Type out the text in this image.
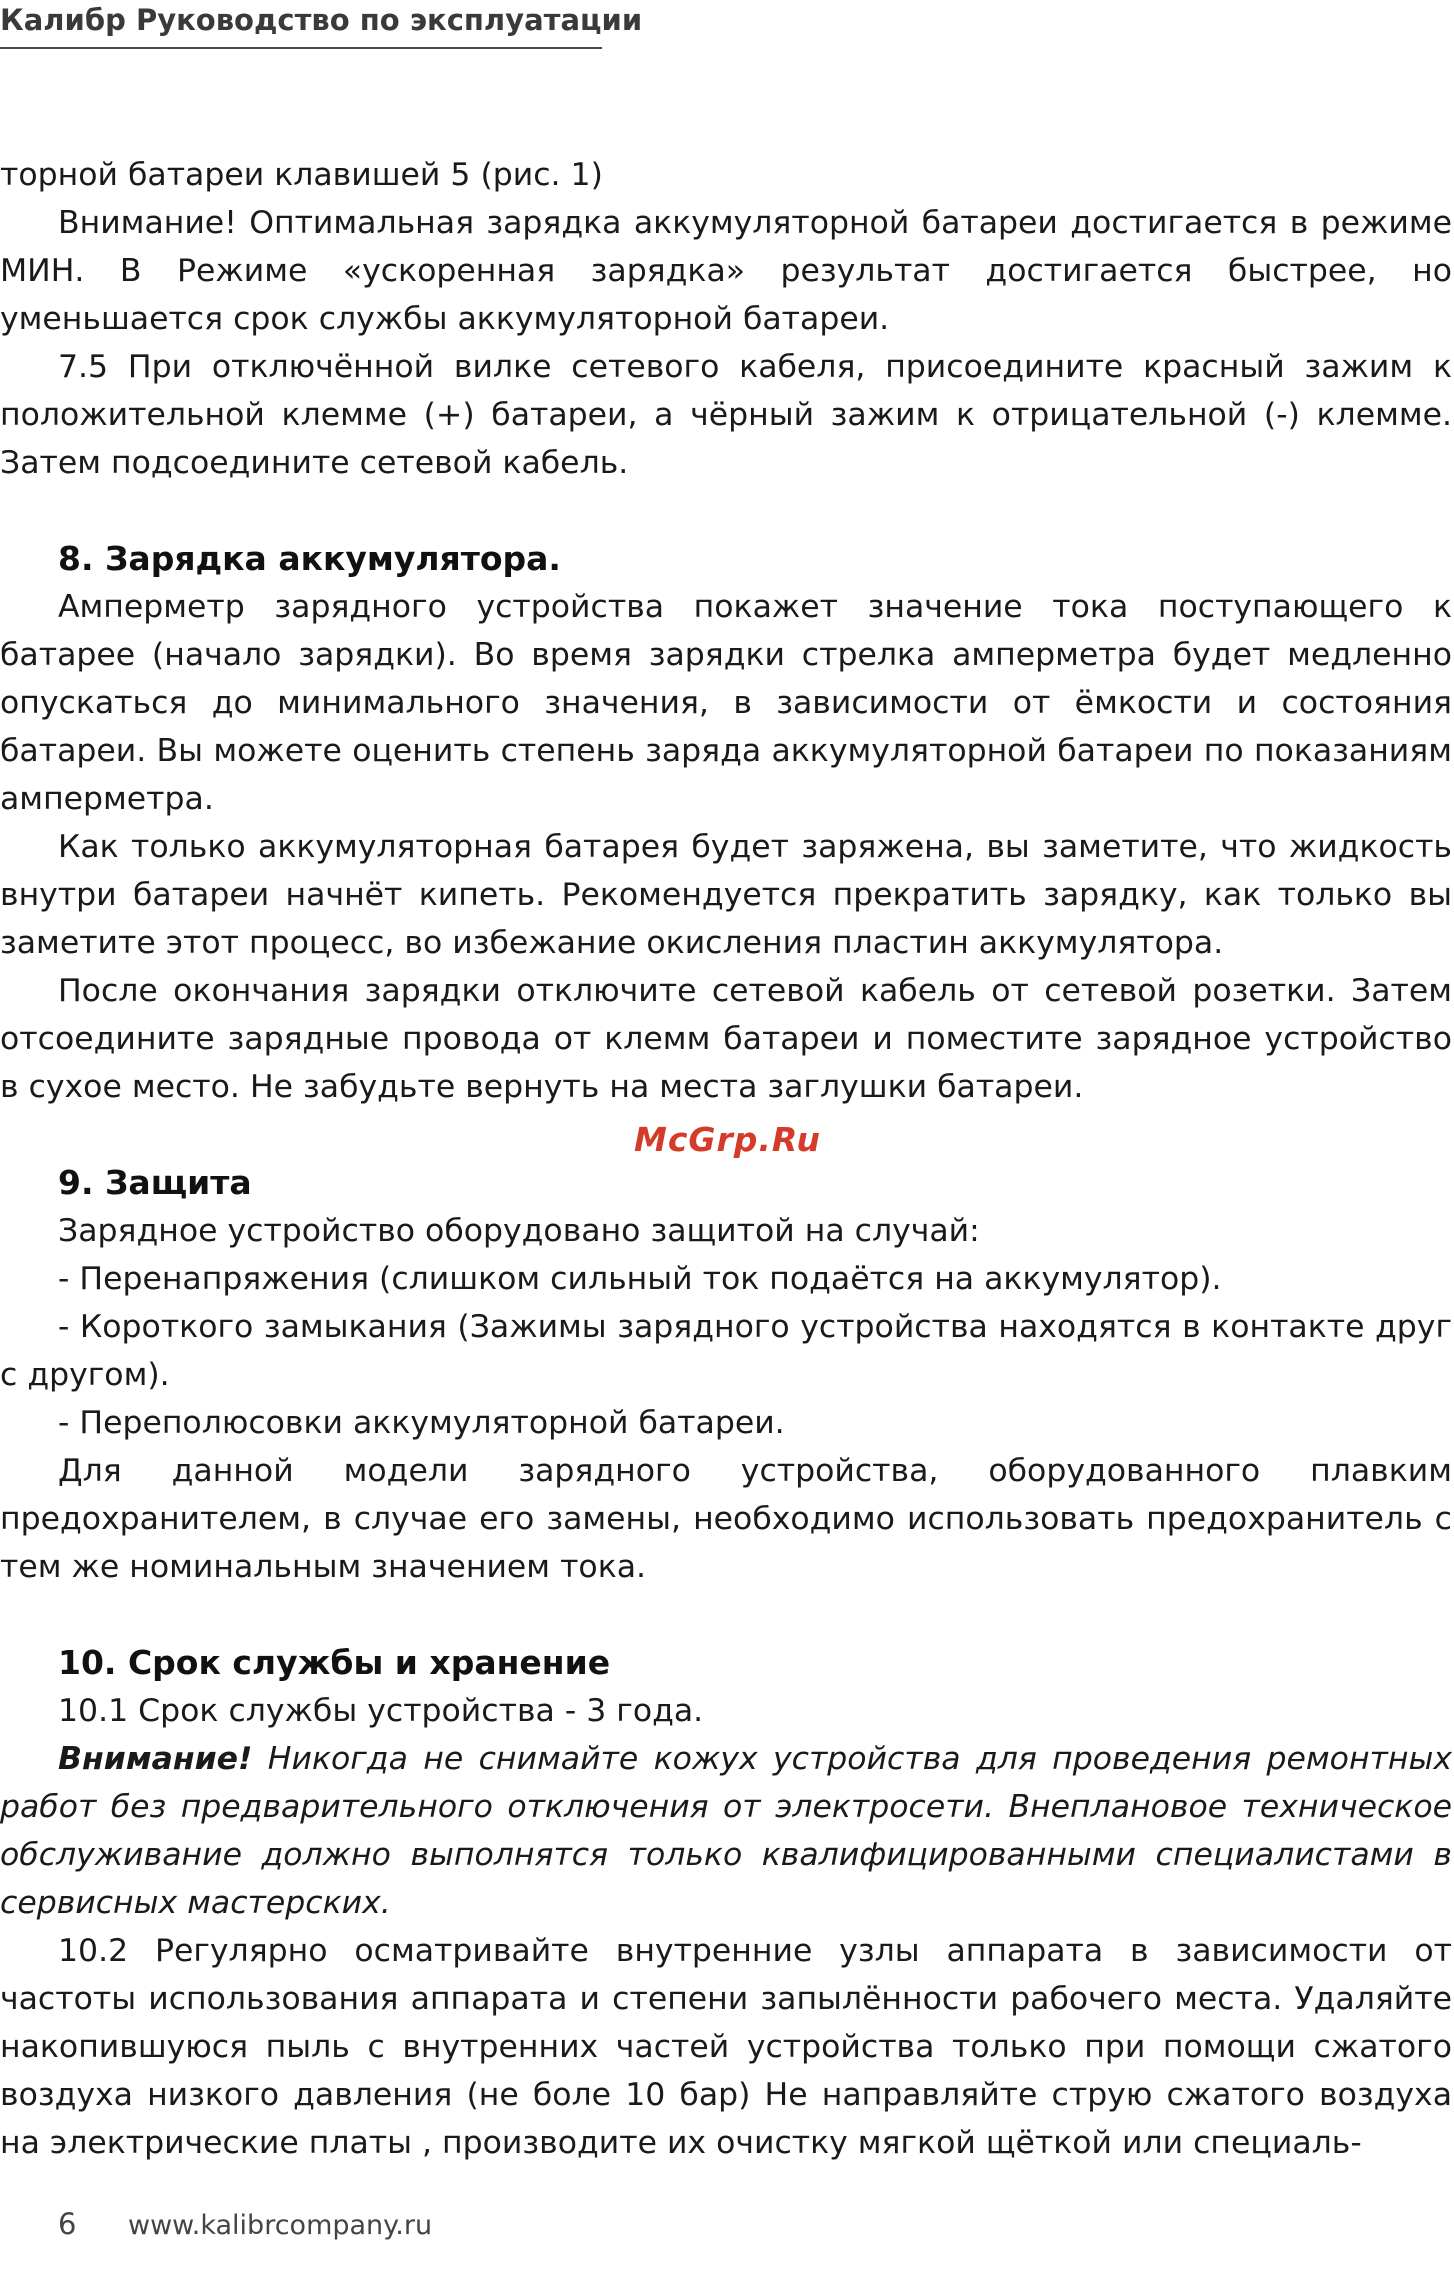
Калибр Руководство по эксплуатации

торной батареи клавишей 5 (рис. 1)

Внимание! Оптимальная зарядка аккумуляторной батареи достигается в режиме МИН. В Режиме «ускоренная зарядка» результат достигается быстрее, но уменьшается срок службы аккумуляторной батареи.

7.5 При отключённой вилке сетевого кабеля, присоедините красный зажим к положительной клемме (+) батареи, а чёрный зажим к отрицательной (-) клемме. Затем подсоедините сетевой кабель.

8. Зарядка аккумулятора.

Амперметр зарядного устройства покажет значение тока поступающего к батарее (начало зарядки). Во время зарядки стрелка амперметра будет медленно опускаться до минимального значения, в зависимости от ёмкости и состояния батареи. Вы можете оценить степень заряда аккумуляторной батареи по показаниям амперметра.

Как только аккумуляторная батарея будет заряжена, вы заметите, что жидкость внутри батареи начнёт кипеть. Рекомендуется прекратить зарядку, как только вы заметите этот процесс, во избежание окисления пластин аккумулятора.

После окончания зарядки отключите сетевой кабель от сетевой розетки. Затем отсоедините зарядные провода от клемм батареи и поместите зарядное устройство в сухое место. Не забудьте вернуть на места заглушки батареи.

9. Защита

Зарядное устройство оборудовано защитой на случай:

- Перенапряжения (слишком сильный ток подаётся на аккумулятор).

- Короткого замыкания (Зажимы зарядного устройства находятся в контакте друг с другом).

- Переполюсовки аккумуляторной батареи.

Для данной модели зарядного устройства, оборудованного плавким предохранителем, в случае его замены, необходимо использовать предохранитель с тем же номинальным значением тока.

10. Срок службы и хранение

10.1 Срок службы устройства - 3 года.

Внимание! Никогда не снимайте кожух устройства для проведения ремонтных работ без предварительного отключения от электросети. Внеплановое техническое обслуживание должно выполнятся только квалифицированными специалистами в сервисных мастерских.

10.2 Регулярно осматривайте внутренние узлы аппарата в зависимости от частоты использования аппарата и степени запылённости рабочего места. Удаляйте накопившуюся пыль с внутренних частей устройства только при помощи сжатого воздуха низкого давления (не боле 10 бар) Не направляйте струю сжатого воздуха на электрические платы , производите их очистку мягкой щёткой или специаль-

McGrp.Ru
6 www.kalibrcompany.ru
